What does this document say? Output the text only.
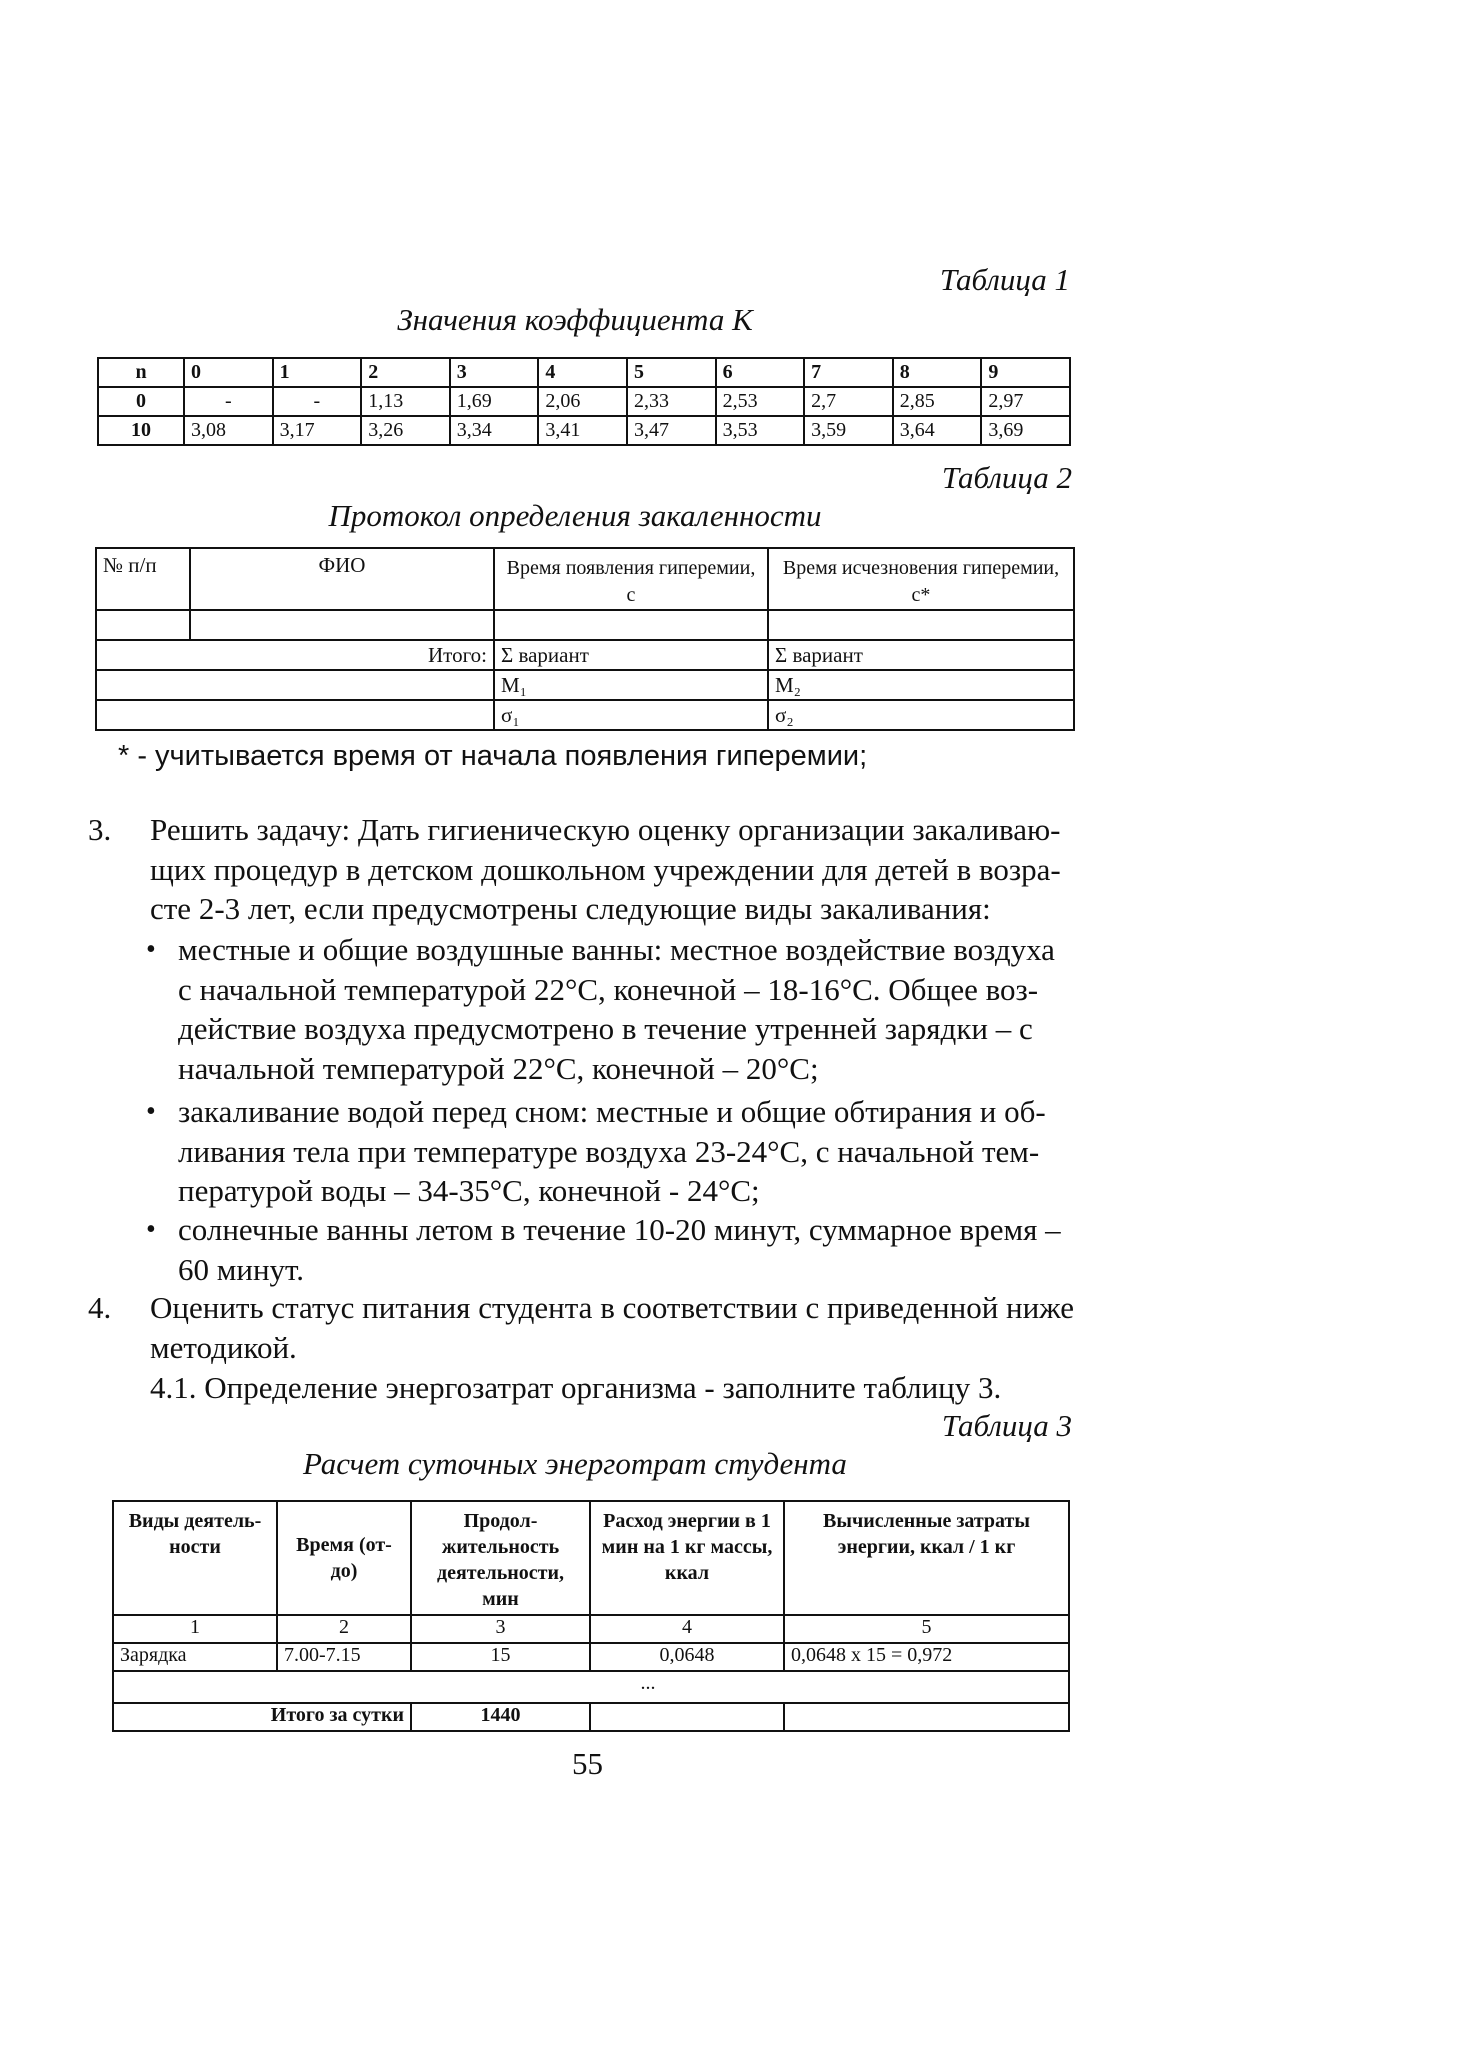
Таблица 1
Значения коэффициента К
n	0	1	2	3	4	5	6	7	8	9
0	-	-	1,13	1,69	2,06	2,33	2,53	2,7	2,85	2,97
10	3,08	3,17	3,26	3,34	3,41	3,47	3,53	3,59	3,64	3,69
Таблица 2
Протокол определения закаленности
№ п/п	ФИО	Время появления гиперемии, с	Время исчезновения гиперемии, с*

Итого:		Σ вариант	Σ вариант
		M₁	M₂
		σ₁	σ₂
* - учитывается время от начала появления гиперемии;
3. Решить задачу: Дать гигиеническую оценку организации закаливаю-
щих процедур в детском дошкольном учреждении для детей в возра-
сте 2-3 лет, если предусмотрены следующие виды закаливания:
• местные и общие воздушные ванны: местное воздействие воздуха
с начальной температурой 22°С, конечной – 18-16°С. Общее воз-
действие воздуха предусмотрено в течение утренней зарядки – с
начальной температурой 22°С, конечной – 20°С;
• закаливание водой перед сном: местные и общие обтирания и об-
ливания тела при температуре воздуха 23-24°С, с начальной тем-
пературой воды – 34-35°С, конечной - 24°С;
• солнечные ванны летом в течение 10-20 минут, суммарное время –
60 минут.
4. Оценить статус питания студента в соответствии с приведенной ниже
методикой.
4.1. Определение энергозатрат организма - заполните таблицу 3.
Таблица 3
Расчет суточных энерготрат студента
Виды деятель- ности	Время (от-до)	Продол- жительность деятельности, мин	Расход энергии в 1 мин на 1 кг массы, ккал	Вычисленные затраты энергии, ккал / 1 кг
1	2	3	4	5
Зарядка	7.00-7.15	15	0,0648	0,0648 х 15 = 0,972
...				
Итого за сутки		1440		
55
